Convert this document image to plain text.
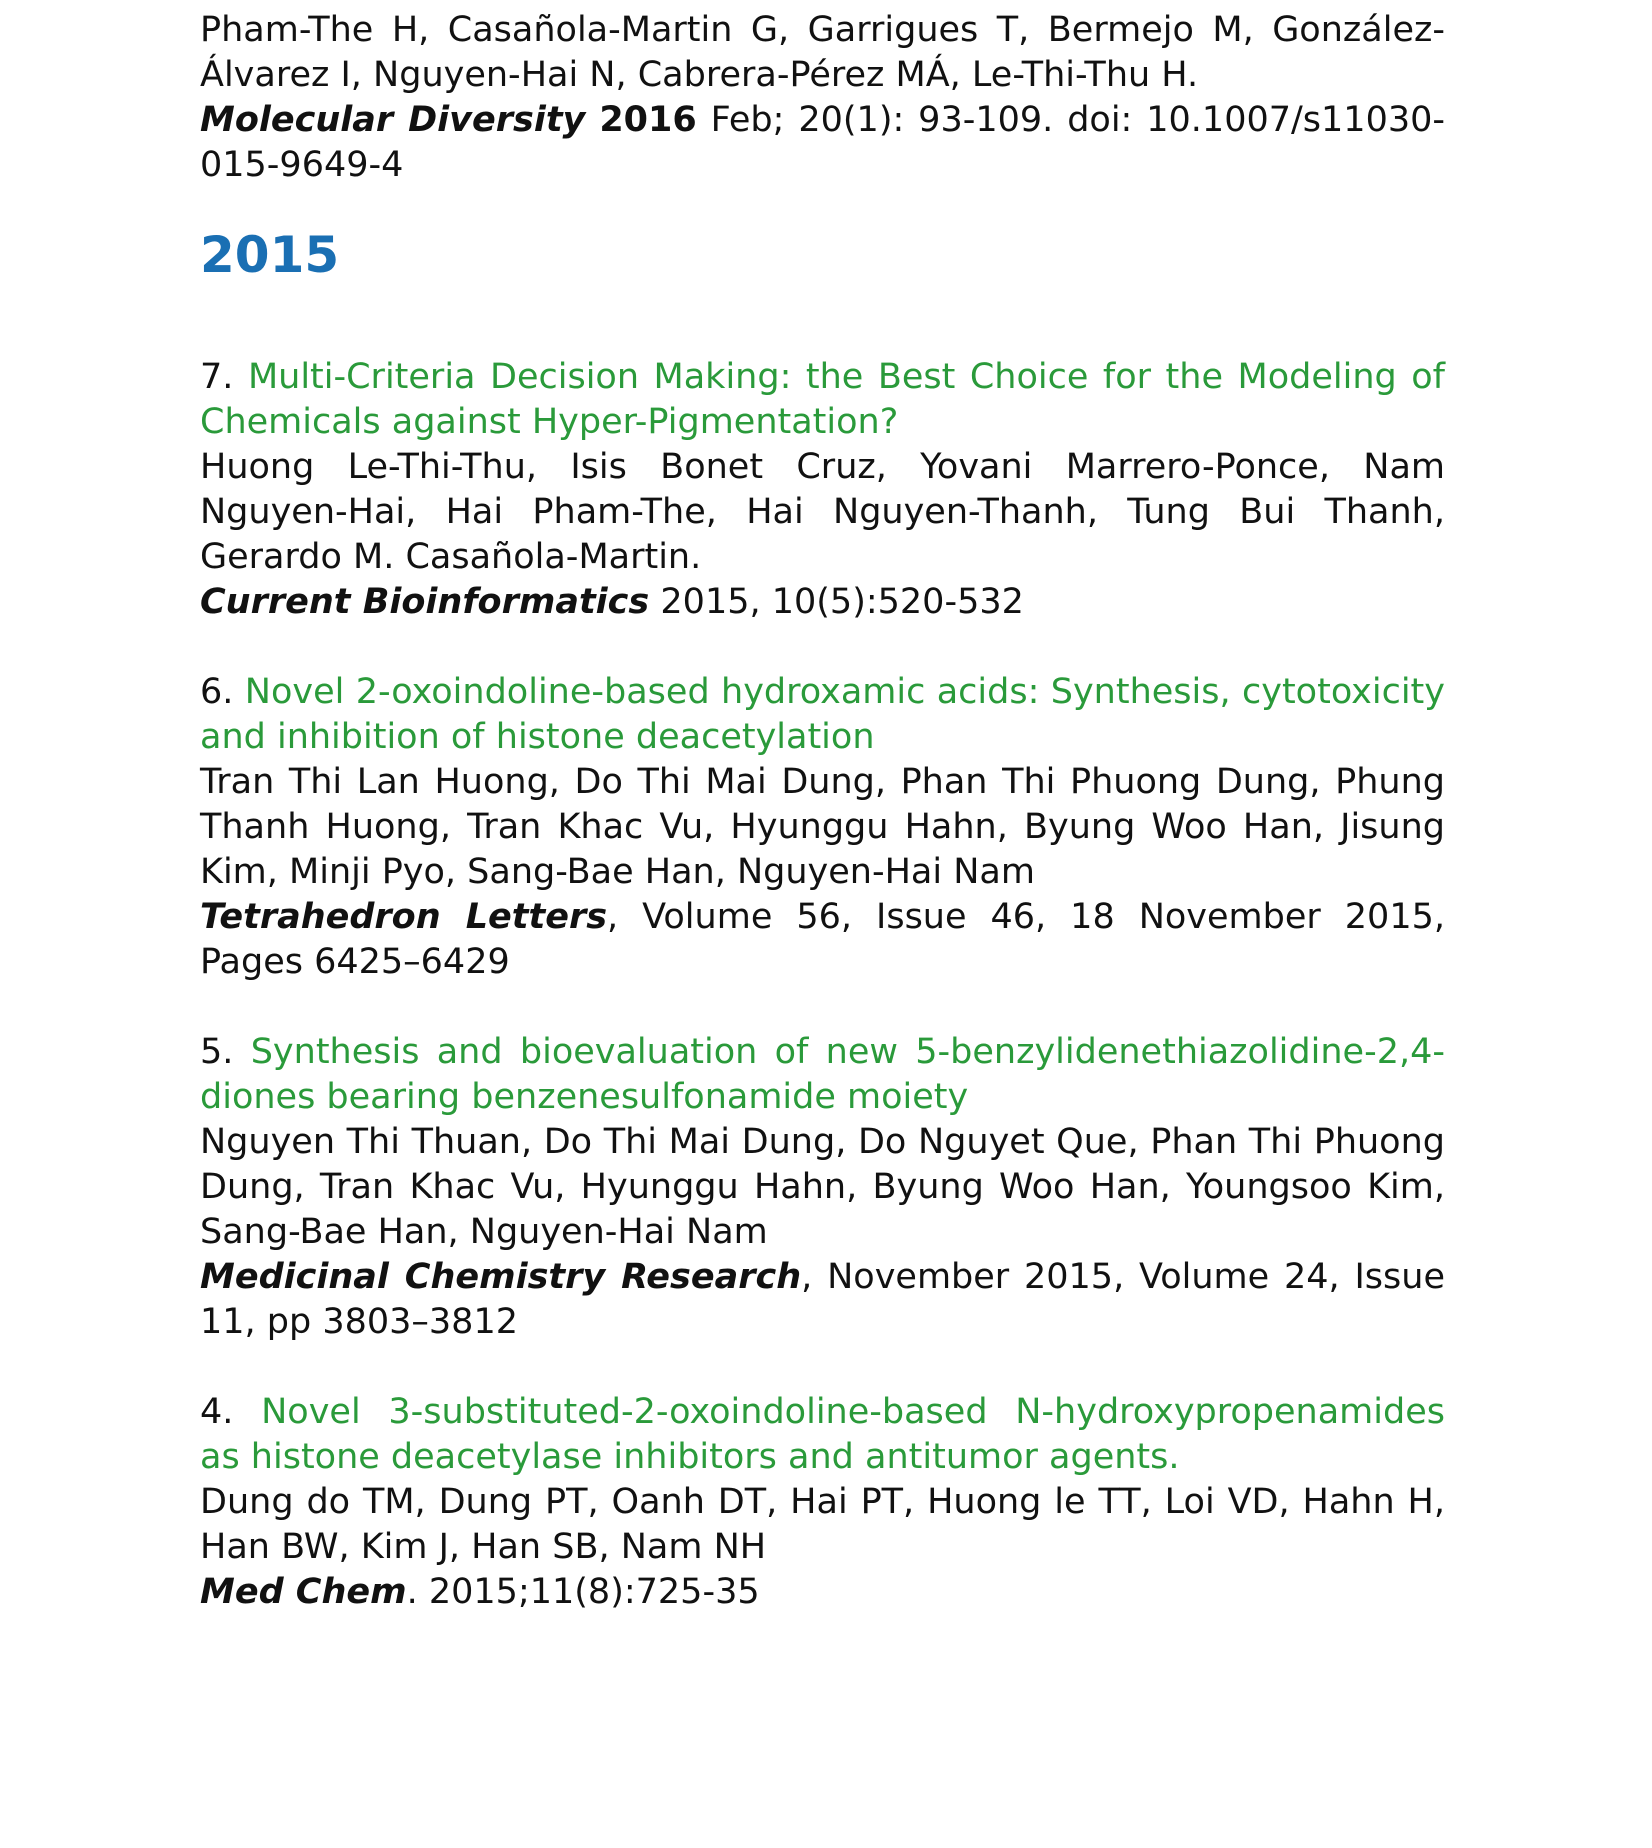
Pham-The H, Casañola-Martin G, Garrigues T, Bermejo M, González-Álvarez I, Nguyen-Hai N, Cabrera-Pérez MÁ, Le-Thi-Thu H.

Molecular Diversity 2016 Feb; 20(1): 93-109. doi: 10.1007/s11030-015-9649-4

2015

7. Multi-Criteria Decision Making: the Best Choice for the Modeling of Chemicals against Hyper-Pigmentation?

Huong Le-Thi-Thu, Isis Bonet Cruz, Yovani Marrero-Ponce, Nam Nguyen-Hai, Hai Pham-The, Hai Nguyen-Thanh, Tung Bui Thanh, Gerardo M. Casañola-Martin.

Current Bioinformatics 2015, 10(5):520-532

6. Novel 2-oxoindoline-based hydroxamic acids: Synthesis, cytotoxicity and inhibition of histone deacetylation

Tran Thi Lan Huong, Do Thi Mai Dung, Phan Thi Phuong Dung, Phung Thanh Huong, Tran Khac Vu, Hyunggu Hahn, Byung Woo Han, Jisung Kim, Minji Pyo, Sang-Bae Han, Nguyen-Hai Nam

Tetrahedron Letters, Volume 56, Issue 46, 18 November 2015, Pages 6425–6429

5. Synthesis and bioevaluation of new 5-benzylidenethiazolidine-2,4-diones bearing benzenesulfonamide moiety

Nguyen Thi Thuan, Do Thi Mai Dung, Do Nguyet Que, Phan Thi Phuong Dung, Tran Khac Vu, Hyunggu Hahn, Byung Woo Han, Youngsoo Kim, Sang-Bae Han, Nguyen-Hai Nam

Medicinal Chemistry Research, November 2015, Volume 24, Issue 11, pp 3803–3812

4. Novel 3-substituted-2-oxoindoline-based N-hydroxypropenamides as histone deacetylase inhibitors and antitumor agents.

Dung do TM, Dung PT, Oanh DT, Hai PT, Huong le TT, Loi VD, Hahn H, Han BW, Kim J, Han SB, Nam NH

Med Chem. 2015;11(8):725-35
